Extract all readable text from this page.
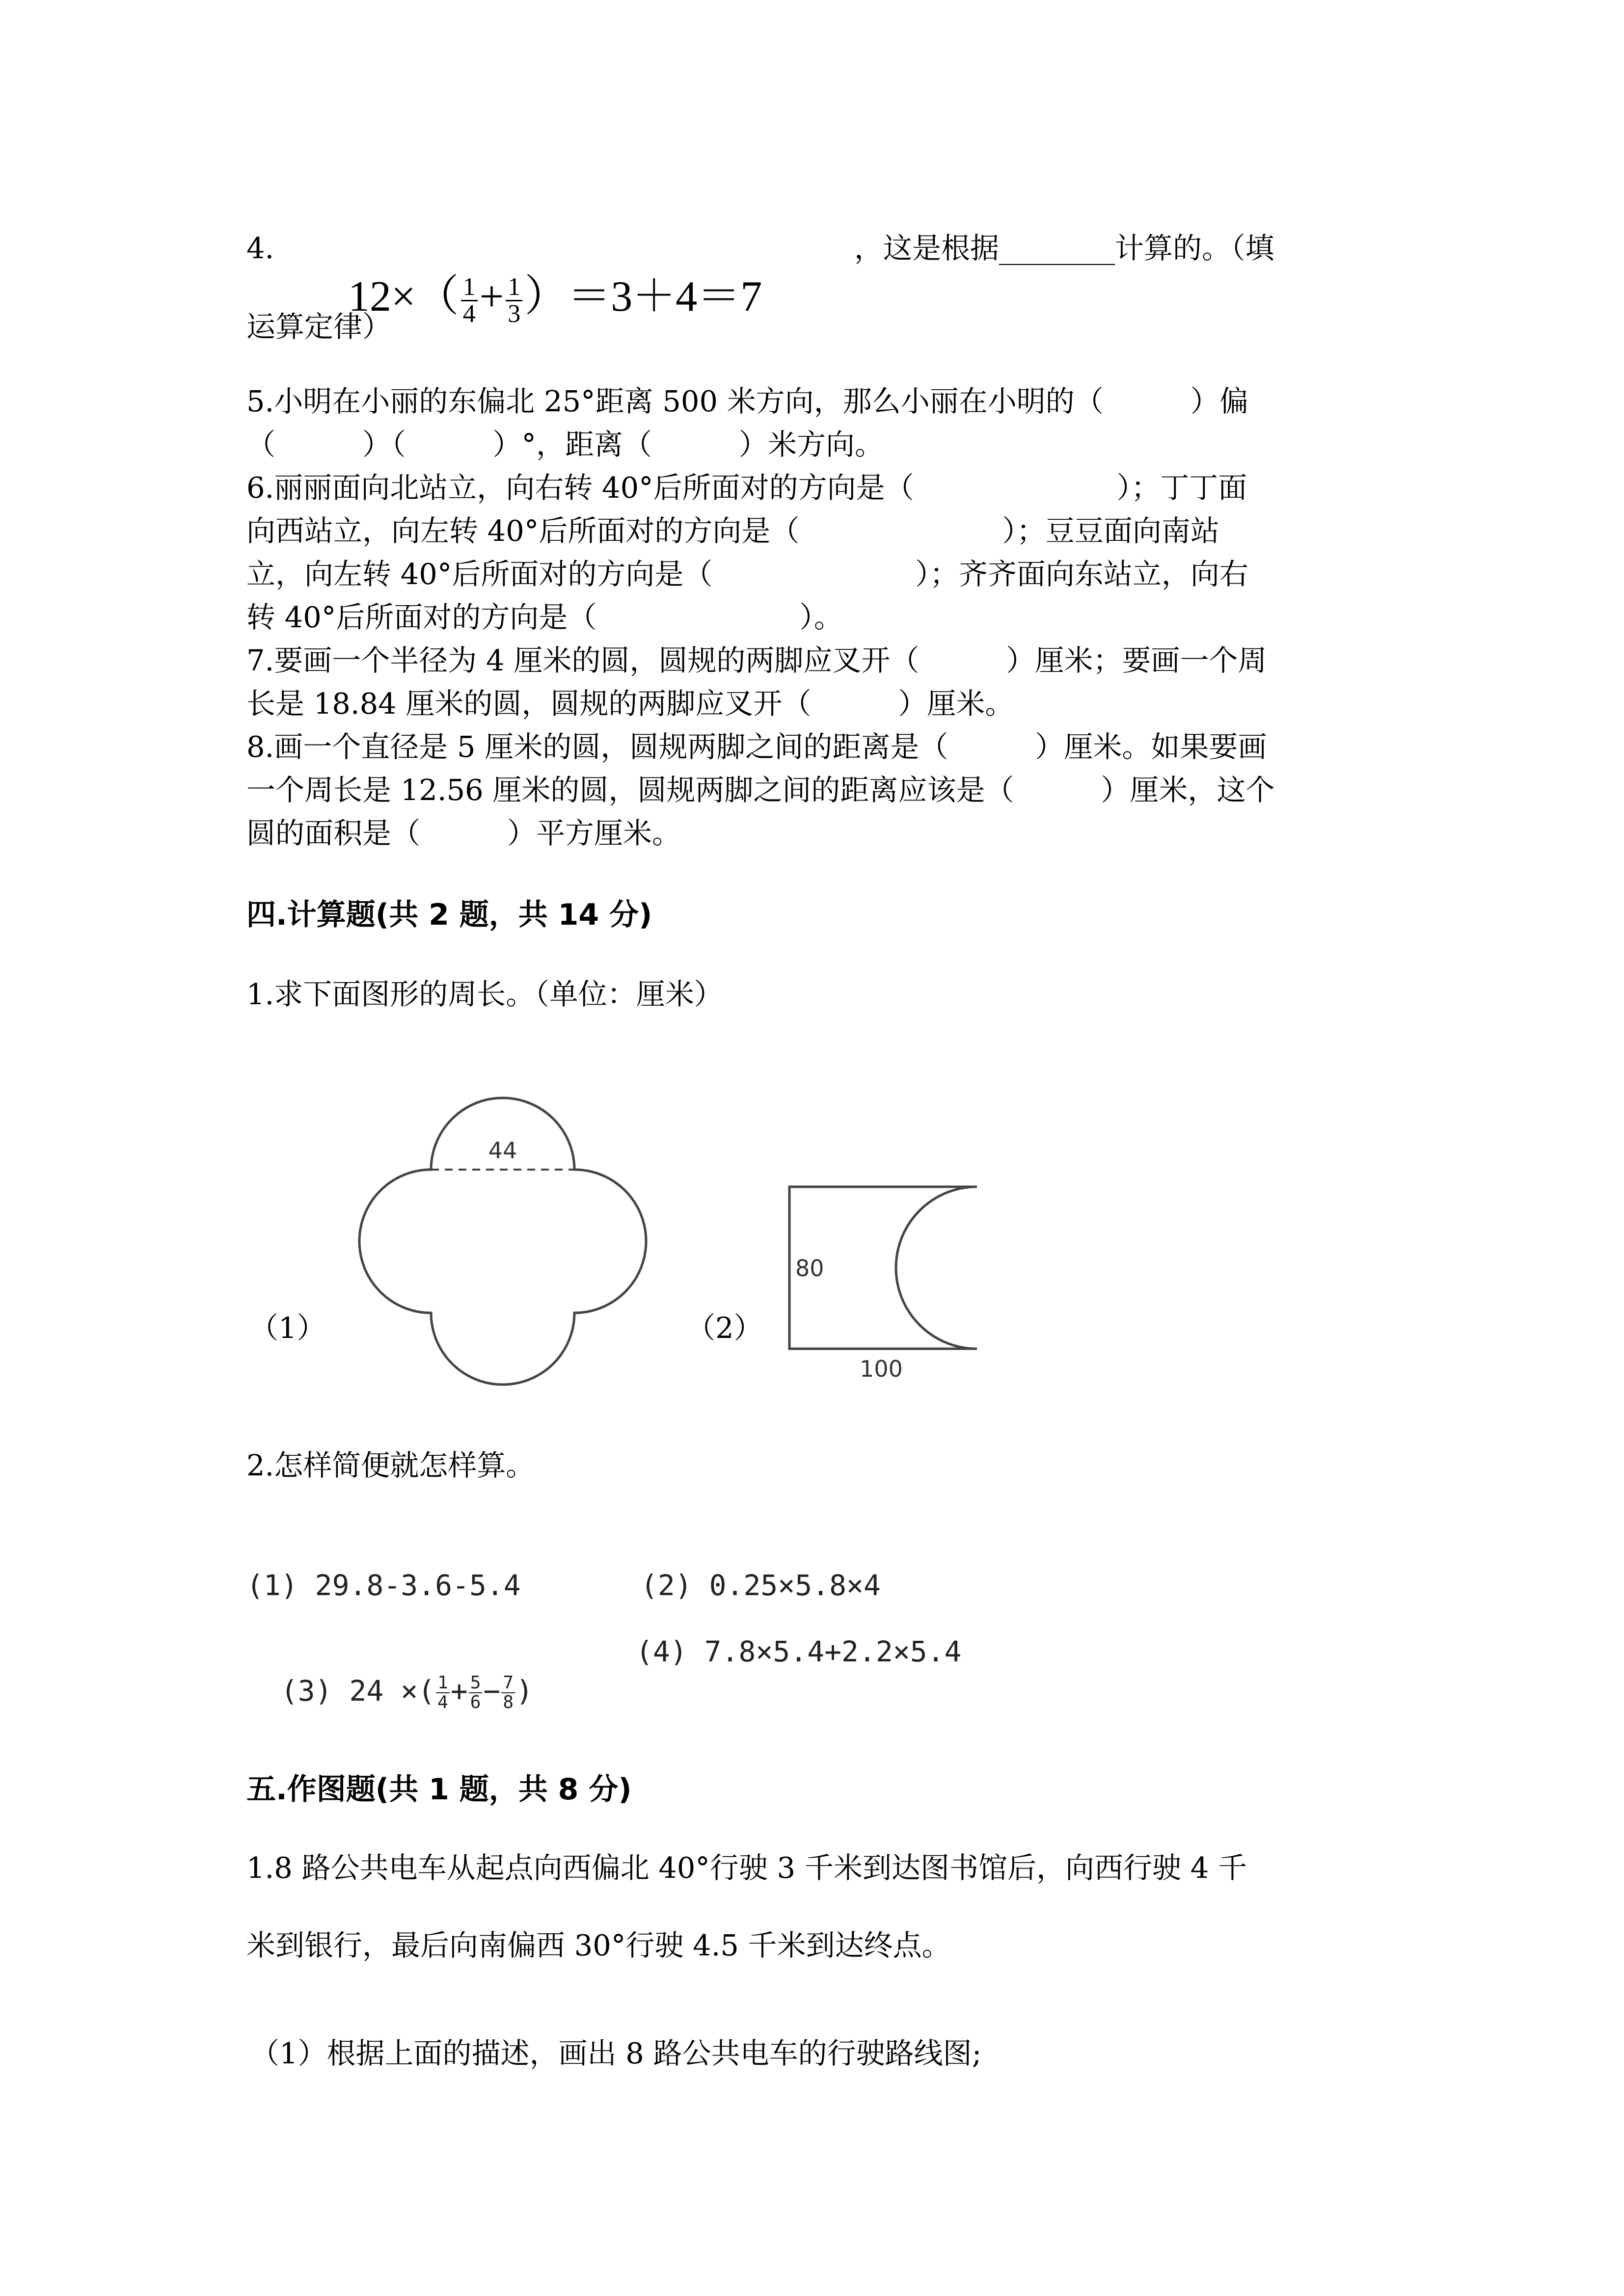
4.

$12\times( \frac{1}{4} + \frac{1}{3} )=3+4=7$

，这是根据________计算的。（填
运算定律）
5.小明在小丽的东偏北 25°距离 500 米方向，那么小丽在小明的（　　　）偏
（　　　）（　　　）°，距离（　　　）米方向。
6.丽丽面向北站立，向右转 40°后所面对的方向是（　　　　　　　）；丁丁面
向西站立，向左转 40°后所面对的方向是（　　　　　　　）；豆豆面向南站
立，向左转 40°后所面对的方向是（　　　　　　　）；齐齐面向东站立，向右
转 40°后所面对的方向是（　　　　　　　）。
7.要画一个半径为 4 厘米的圆，圆规的两脚应叉开（　　　）厘米；要画一个周
长是 18.84 厘米的圆，圆规的两脚应叉开（　　　）厘米。
8.画一个直径是 5 厘米的圆，圆规两脚之间的距离是（　　　）厘米。如果要画
一个周长是 12.56 厘米的圆，圆规两脚之间的距离应该是（　　　）厘米，这个
圆的面积是（　　　）平方厘米。
四.计算题(共 2 题，共 14 分)
1.求下面图形的周长。（单位：厘米）
（1）	（2）
44
80
100
2.怎样简便就怎样算。
(1) 29.8-3.6-5.4	(2) 0.25×5.8×4

(3) 24 ×( $\frac{1}{4} + \frac{5}{6} - \frac{7}{8}$ )

(4) 7.8×5.4+2.2×5.4
五.作图题(共 1 题，共 8 分)
1.8 路公共电车从起点向西偏北 40°行驶 3 千米到达图书馆后，向西行驶 4 千
米到银行，最后向南偏西 30°行驶 4.5 千米到达终点。
（1）根据上面的描述，画出 8 路公共电车的行驶路线图;
